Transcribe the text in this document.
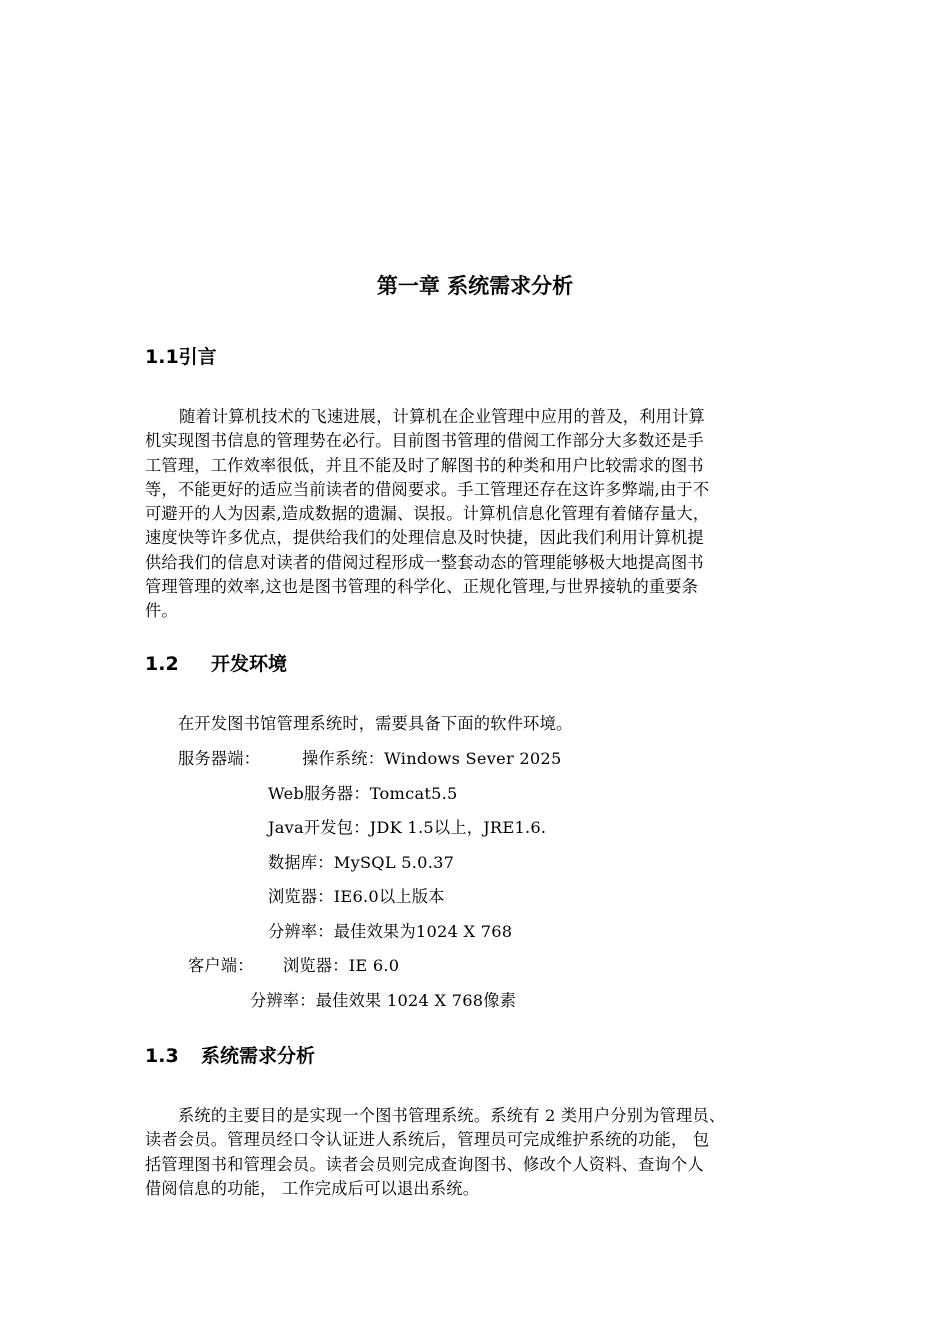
第一章 系统需求分析
1.1引言
随着计算机技术的飞速进展，计算机在企业管理中应用的普及，利用计算
机实现图书信息的管理势在必行。目前图书管理的借阅工作部分大多数还是手
工管理，工作效率很低，并且不能及时了解图书的种类和用户比较需求的图书
等，不能更好的适应当前读者的借阅要求。手工管理还存在这许多弊端,由于不
可避开的人为因素,造成数据的遗漏、误报。计算机信息化管理有着储存量大，
速度快等许多优点，提供给我们的处理信息及时快捷，因此我们利用计算机提
供给我们的信息对读者的借阅过程形成一整套动态的管理能够极大地提高图书
管理管理的效率,这也是图书管理的科学化、正规化管理,与世界接轨的重要条
件。
1.2 开发环境
在开发图书馆管理系统时，需要具备下面的软件环境。
服务器端：	操作系统：Windows Sever 2025
Web服务器：Tomcat5.5
Java开发包：JDK 1.5以上，JRE1.6.
数据库：MySQL 5.0.37
浏览器：IE6.0以上版本
分辨率：最佳效果为1024 X 768
客户端： 浏览器：IE 6.0
分辨率：最佳效果 1024 X 768像素
1.3 系统需求分析
系统的主要目的是实现一个图书管理系统。系统有 2 类用户分别为管理员、
读者会员。管理员经口令认证进人系统后，管理员可完成维护系统的功能， 包
括管理图书和管理会员。读者会员则完成查询图书、修改个人资料、查询个人
借阅信息的功能， 工作完成后可以退出系统。
